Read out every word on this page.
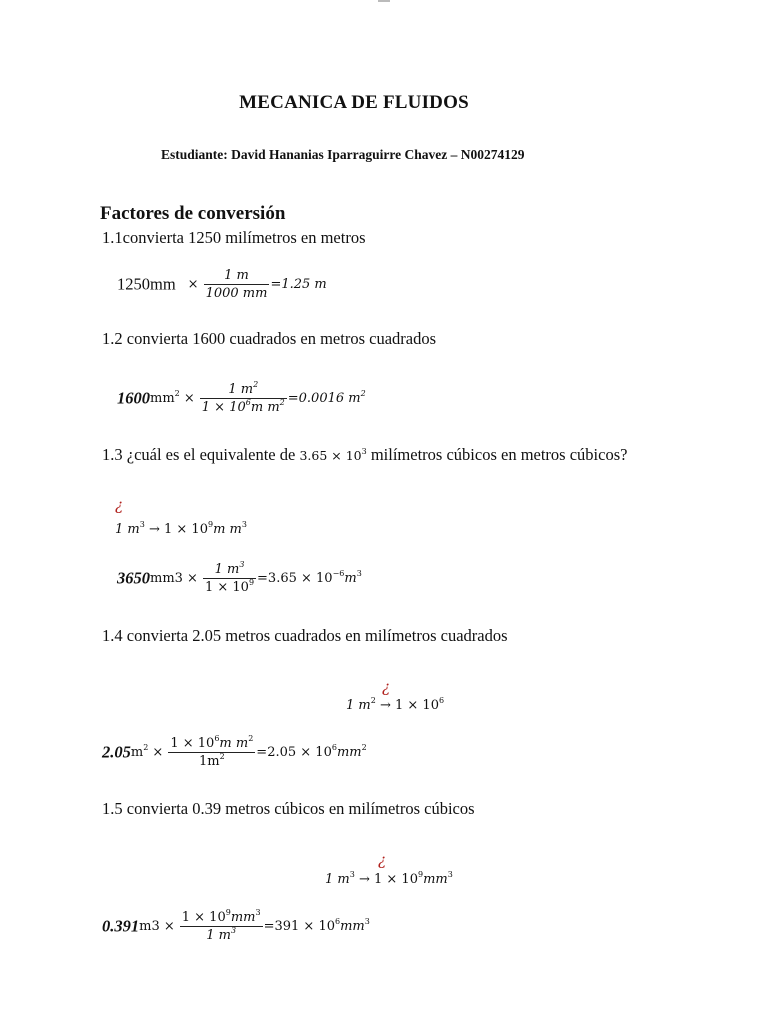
MECANICA DE FLUIDOS
Estudiante: David Hananias Iparraguirre Chavez – N00274129
Factores de conversión
1.1convierta 1250 milímetros en metros
$1250mm \times \frac{1 m}{1000 mm} =1.25$ m
1.2 convierta 1600 cuadrados en metros cuadrados
$1600mm^2 \times \frac{1 m^2}{1 \times 10^6m m^2} =0.0016$ $m^2$
1.3 ¿cuál es el equivalente de $3.65 \times 10^3$ milímetros cúbicos en metros cúbicos?
¿
1 $m^3 \to 1 \times 10^9m$ $m^3$
$3650mm3 \times \frac{1 m^3}{1 \times 10^9} =3.65 \times 10^{-6}m^3$
1.4 convierta 2.05 metros cuadrados en milímetros cuadrados
¿
1 $m^2 \to 1 \times 10^6$
$2.05m^2 \times \frac{1 \times 10^6m m^2}{1m^2} =2.05 \times 10^6mm^2$
1.5 convierta 0.39 metros cúbicos en milímetros cúbicos
¿
1 $m^3 \to 1 \times 10^9mm^3$
$0.391m3 \times \frac{1 \times 10^9mm^3}{1 m^3} =391 \times 10^6mm^3$
